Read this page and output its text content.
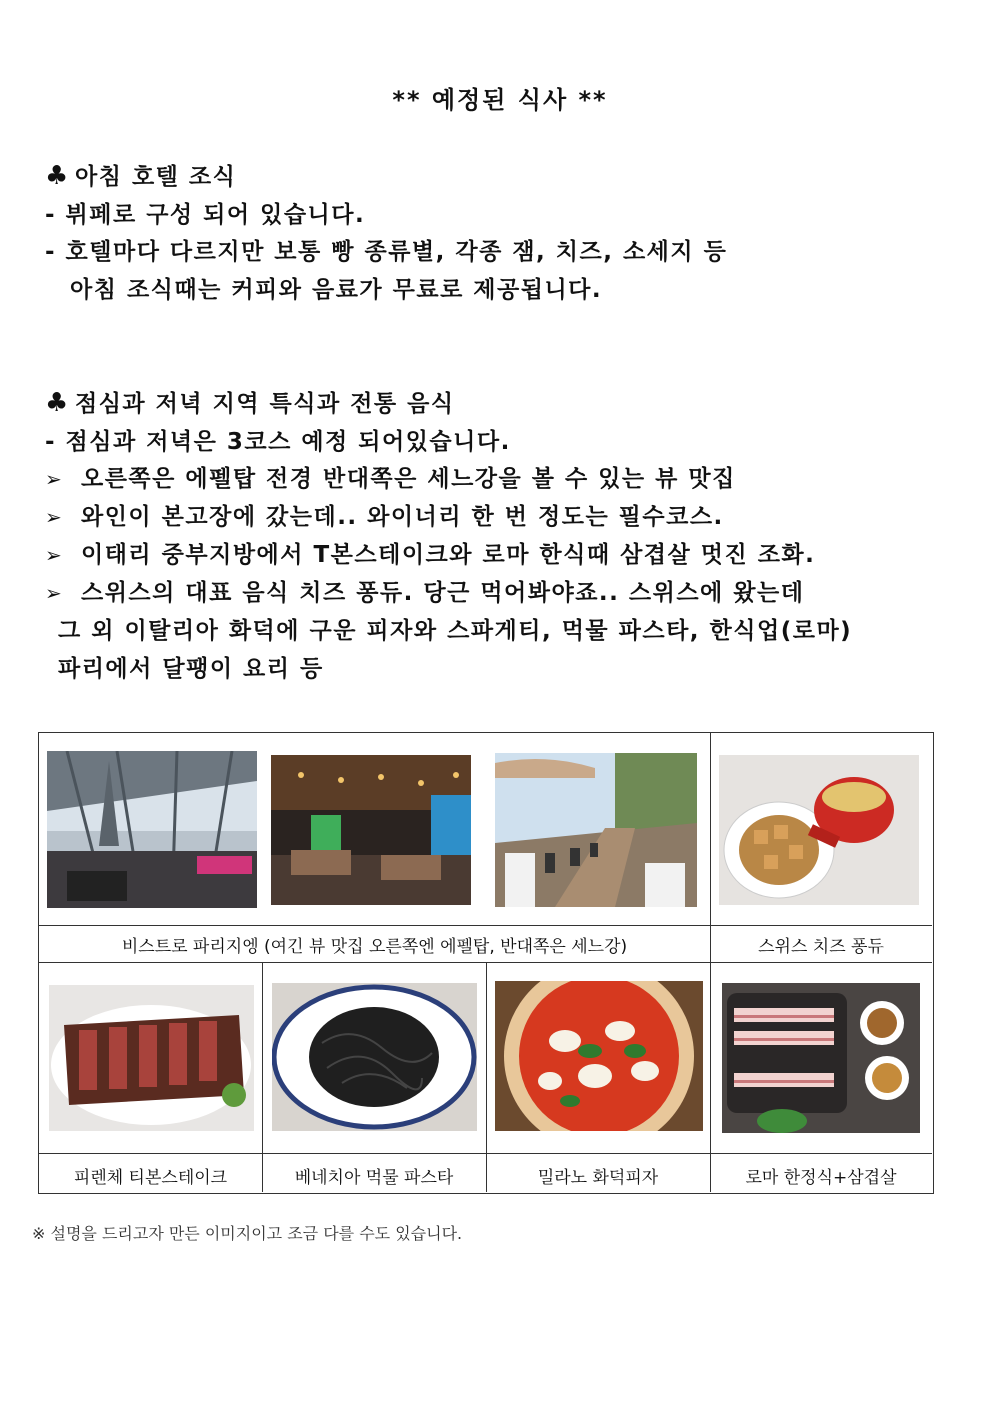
** 예정된 식사 **
♣ 아침 호텔 조식
- 뷔페로 구성 되어 있습니다.
- 호텔마다 다르지만 보통 빵 종류별, 각종 잼, 치즈, 소세지 등
아침 조식때는 커피와 음료가 무료로 제공됩니다.
♣ 점심과 저녁 지역 특식과 전통 음식
- 점심과 저녁은 3코스 예정 되어있습니다.
➢ 오른쪽은 에펠탑 전경 반대쪽은 세느강을 볼 수 있는 뷰 맛집
➢ 와인이 본고장에 갔는데.. 와이너리 한 번 정도는 필수코스.
➢ 이태리 중부지방에서 T본스테이크와 로마 한식때 삼겹살 멋진 조화.
➢ 스위스의 대표 음식 치즈 퐁듀. 당근 먹어봐야죠.. 스위스에 왔는데
그 외 이탈리아 화덕에 구운 피자와 스파게티, 먹물 파스타, 한식업(로마)
파리에서 달팽이 요리 등
비스트로 파리지엥 (여긴 뷰 맛집 오른쪽엔 에펠탑, 반대쪽은 세느강)	스위스 치즈 퐁듀
피렌체 티본스테이크	베네치아 먹물 파스타	밀라노 화덕피자	로마 한정식+삼겹살
※ 설명을 드리고자 만든 이미지이고 조금 다를 수도 있습니다.
